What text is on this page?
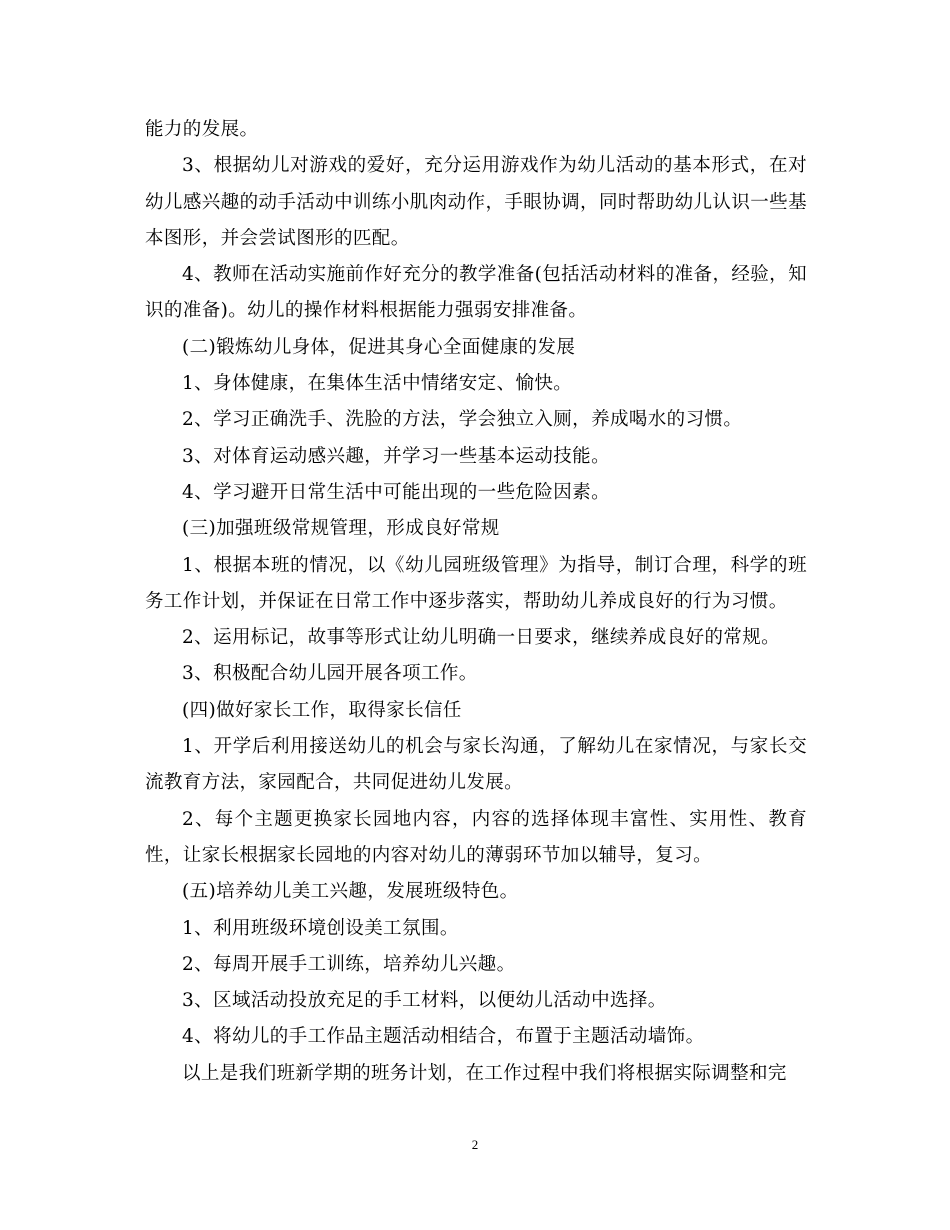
能力的发展。

3、根据幼儿对游戏的爱好，充分运用游戏作为幼儿活动的基本形式，在对幼儿感兴趣的动手活动中训练小肌肉动作，手眼协调，同时帮助幼儿认识一些基本图形，并会尝试图形的匹配。

4、教师在活动实施前作好充分的教学准备(包括活动材料的准备，经验，知识的准备)。幼儿的操作材料根据能力强弱安排准备。

(二)锻炼幼儿身体，促进其身心全面健康的发展

1、身体健康，在集体生活中情绪安定、愉快。

2、学习正确洗手、洗脸的方法，学会独立入厕，养成喝水的习惯。

3、对体育运动感兴趣，并学习一些基本运动技能。

4、学习避开日常生活中可能出现的一些危险因素。

(三)加强班级常规管理，形成良好常规

1、根据本班的情况，以《幼儿园班级管理》为指导，制订合理，科学的班务工作计划，并保证在日常工作中逐步落实，帮助幼儿养成良好的行为习惯。

2、运用标记，故事等形式让幼儿明确一日要求，继续养成良好的常规。

3、积极配合幼儿园开展各项工作。

(四)做好家长工作，取得家长信任

1、开学后利用接送幼儿的机会与家长沟通，了解幼儿在家情况，与家长交流教育方法，家园配合，共同促进幼儿发展。

2、每个主题更换家长园地内容，内容的选择体现丰富性、实用性、教育性，让家长根据家长园地的内容对幼儿的薄弱环节加以辅导，复习。

(五)培养幼儿美工兴趣，发展班级特色。

1、利用班级环境创设美工氛围。

2、每周开展手工训练，培养幼儿兴趣。

3、区域活动投放充足的手工材料，以便幼儿活动中选择。

4、将幼儿的手工作品主题活动相结合，布置于主题活动墙饰。

以上是我们班新学期的班务计划，在工作过程中我们将根据实际调整和完

2
